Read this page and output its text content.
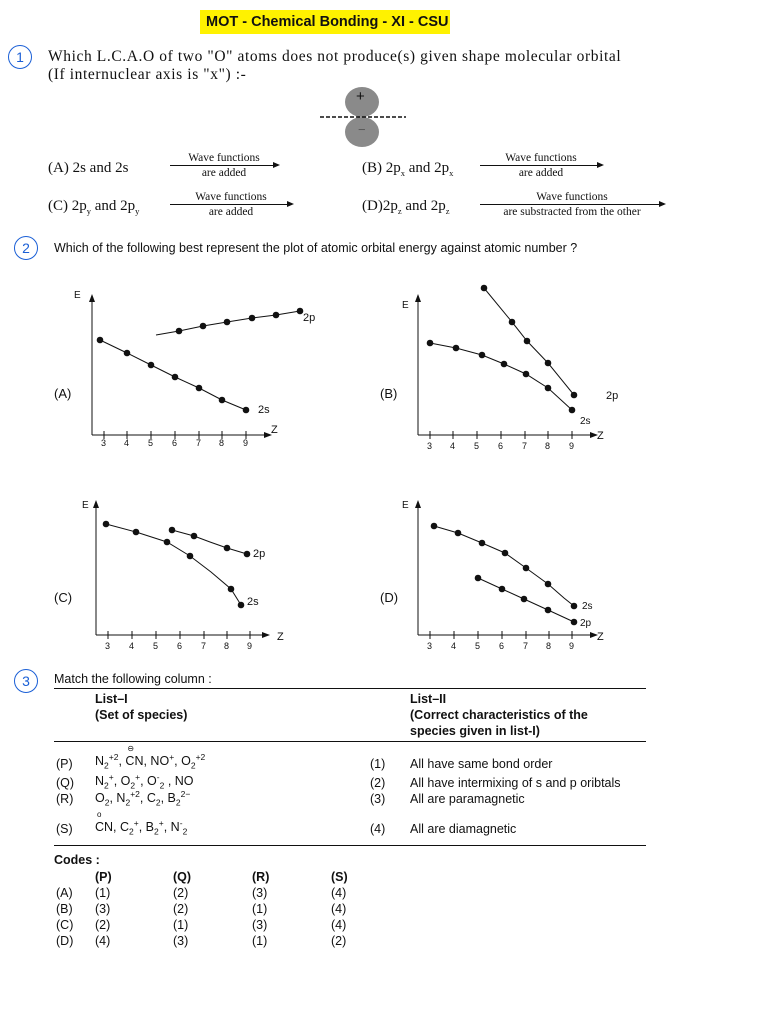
MOT - Chemical Bonding - XI - CSU
1	Which L.C.A.O of two "O" atoms does not produce(s) given shape molecular orbital
(If internuclear axis is "x") :-
+
−
(A) 2s and 2s
Wave functions
are added	(B) $2p_x$ and $2p_x$
Wave functions
are added
(C) $2p_y$ and $2p_y$
Wave functions
are added	$(D)2p_z$ and $2p_z$
Wave functions
are substracted from the other
2	Which of the following best represent the plot of atomic orbital energy against atomic number ?
(A)
E
Z
2p
2s
3 4 5 6 7 8 9
(B)
E
Z
2p
2s
3 4 5 6 7 8 9
(C)
E
Z
2p
2s
3 4 5 6 7 8 9
(D)
E
Z
2s
2p
3 4 5 6 7 8 9
3	Match the following column :
List–I
(Set of species)
List–II
(Correct characteristics of the
species given in list-I)
(P) $N_2^{+2}$, C
⊖
N, NO+, $O_2^{+2}$	(1) All have same bond order
(Q) $N_2^+$, $O_2^+$, $O^-_2$ , NO	(2) All have intermixing of s and p oribtals
(R) $O_2$, $N_2^{+2}$, $C_2$, $B_2^{2-}$	(3) All are paramagnetic
(S) C
o
N, $C_2^+$, $B_2^+$, $N^-_2$	(4) All are diamagnetic
Codes :
(P)	(Q)	(R)	(S)
(A) (1)	(2)	(3)	(4)
(B) (3)	(2)	(1)	(4)
(C) (2)	(1)	(3)	(4)
(D) (4)	(3)	(1)	(2)
